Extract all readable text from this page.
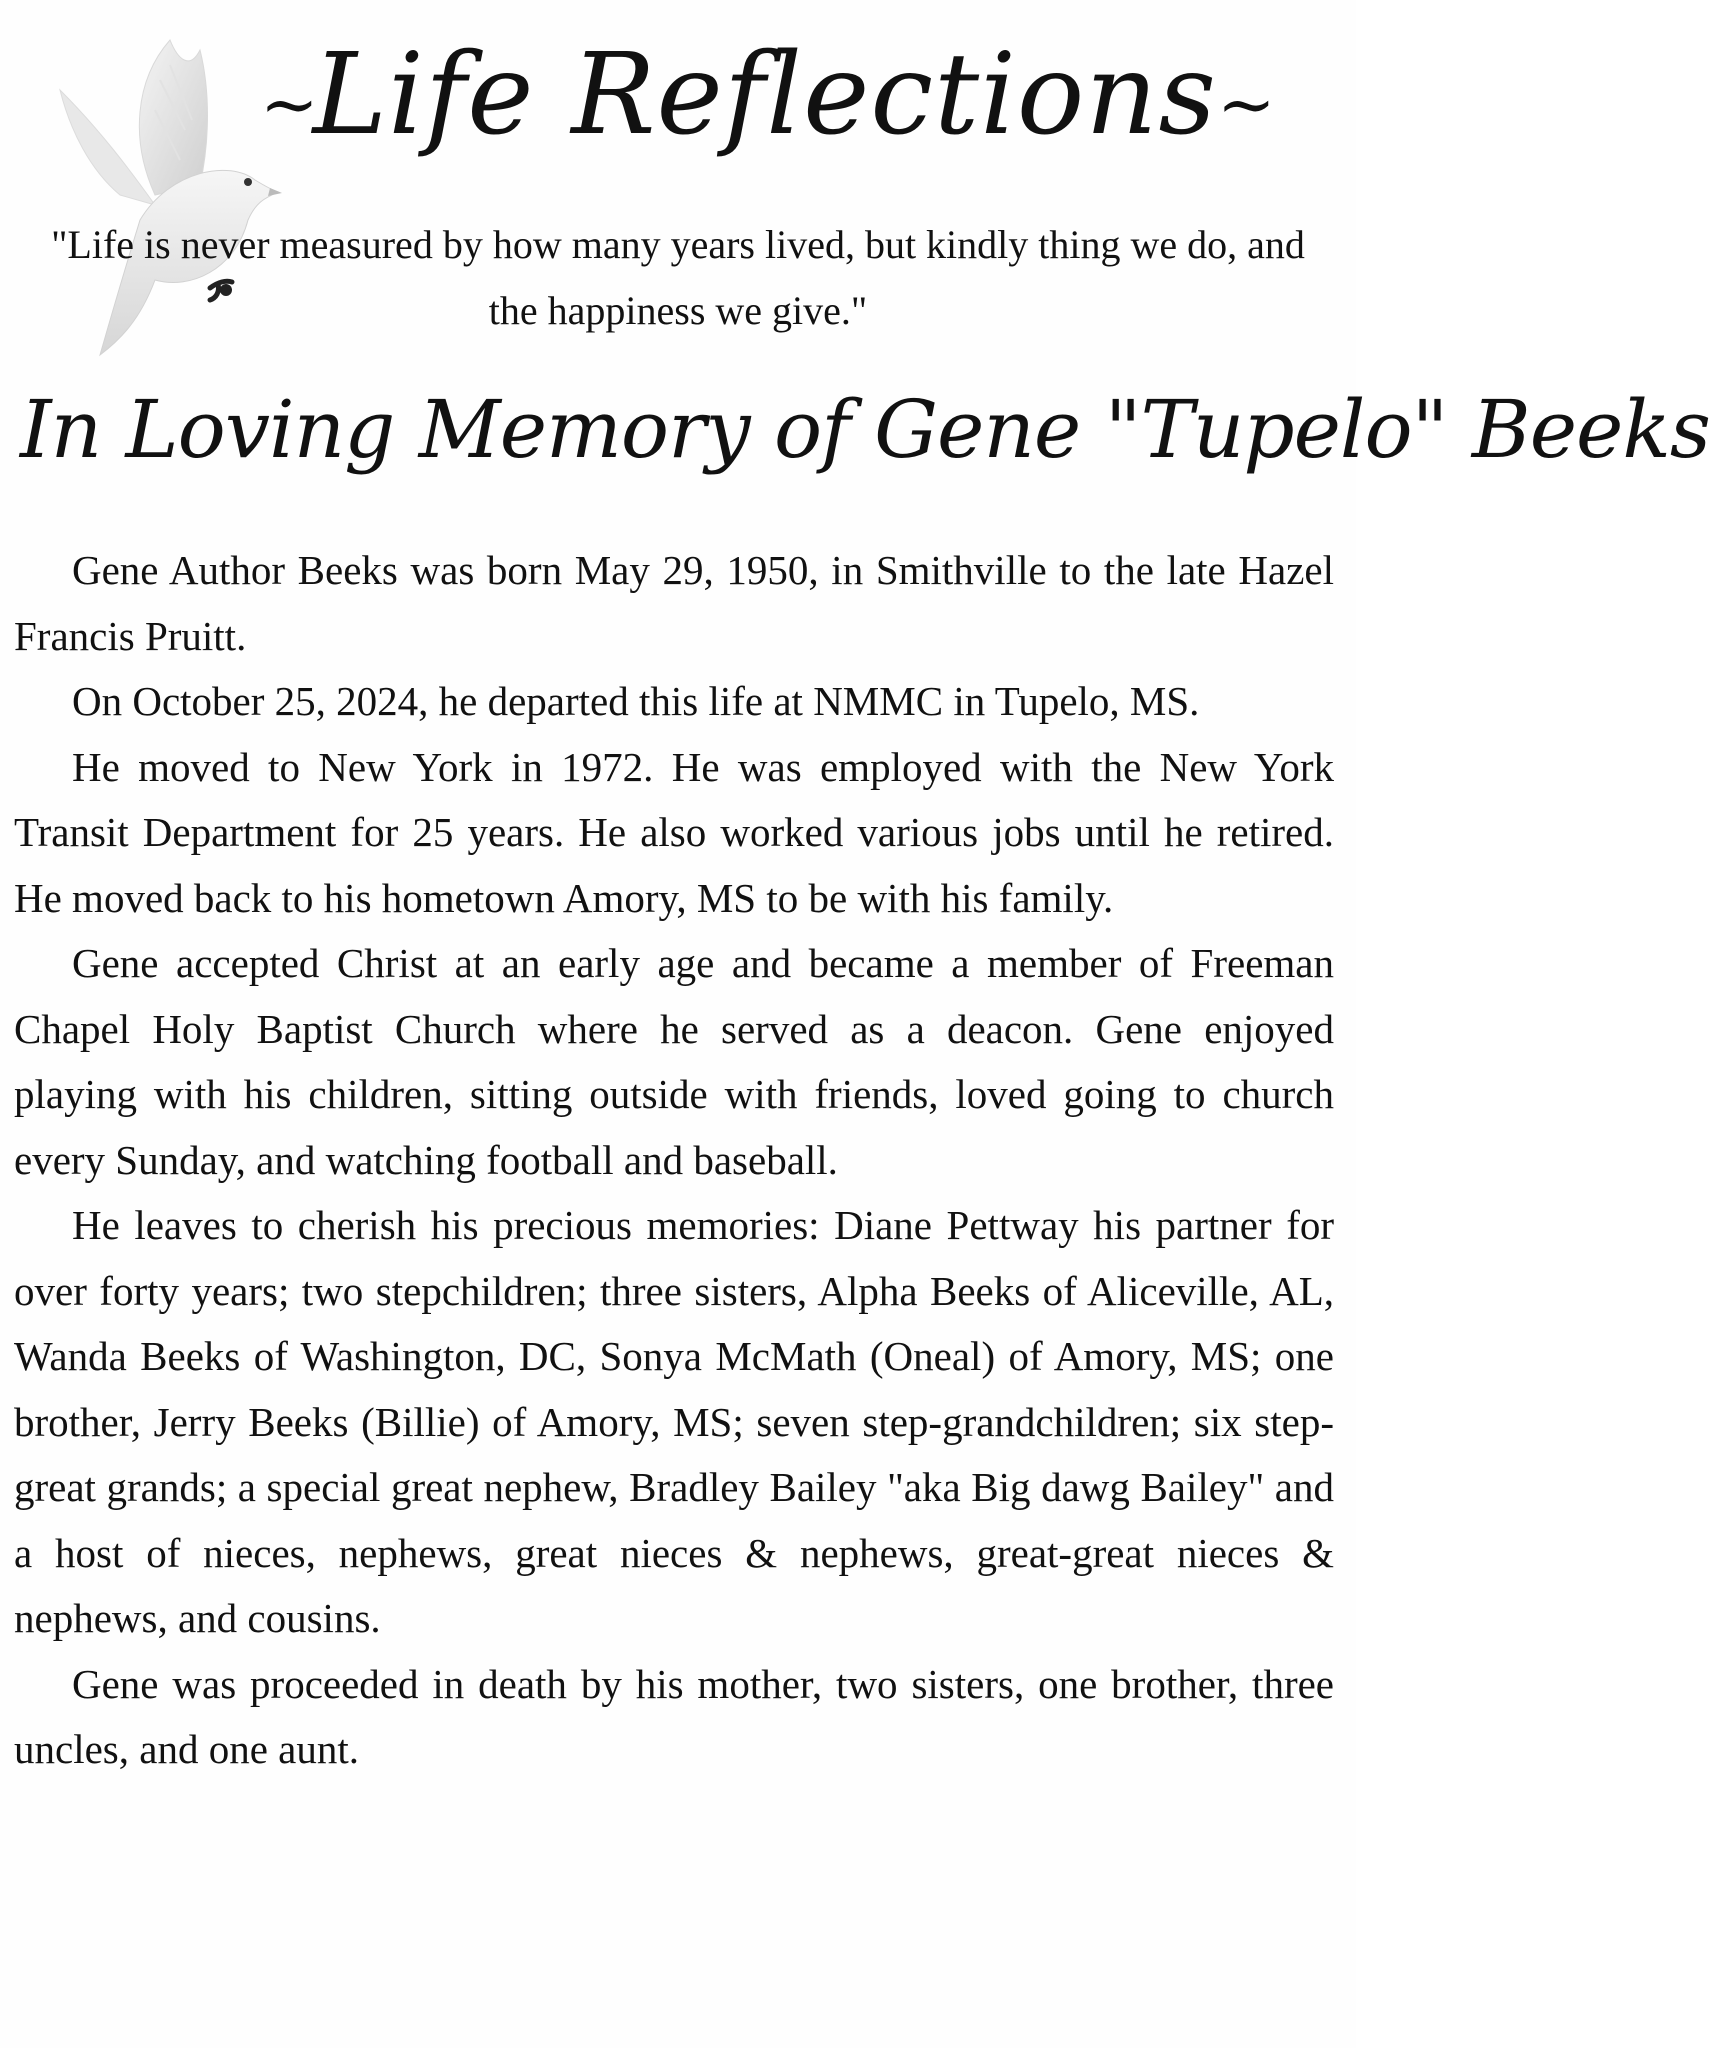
~Life Reflections~
"Life is never measured by how many years lived, but kindly thing we do, and the happiness we give."
In Loving Memory of Gene "Tupelo" Beeks

Gene Author Beeks was born May 29, 1950, in Smithville to the late Hazel Francis Pruitt.

On October 25, 2024, he departed this life at NMMC in Tupelo, MS.

He moved to New York in 1972. He was employed with the New York Transit Department for 25 years. He also worked various jobs until he retired. He moved back to his hometown Amory, MS to be with his family.

Gene accepted Christ at an early age and became a member of Freeman Chapel Holy Baptist Church where he served as a deacon. Gene enjoyed playing with his children, sitting outside with friends, loved going to church every Sunday, and watching football and baseball.

He leaves to cherish his precious memories: Diane Pettway his partner for over forty years; two stepchildren; three sisters, Alpha Beeks of Aliceville, AL, Wanda Beeks of Washington, DC, Sonya McMath (Oneal) of Amory, MS; one brother, Jerry Beeks (Billie) of Amory, MS; seven step-grandchildren; six step-great grands; a special great nephew, Bradley Bailey "aka Big dawg Bailey" and a host of nieces, nephews, great nieces & nephews, great-great nieces & nephews, and cousins.

Gene was proceeded in death by his mother, two sisters, one brother, three uncles, and one aunt.
